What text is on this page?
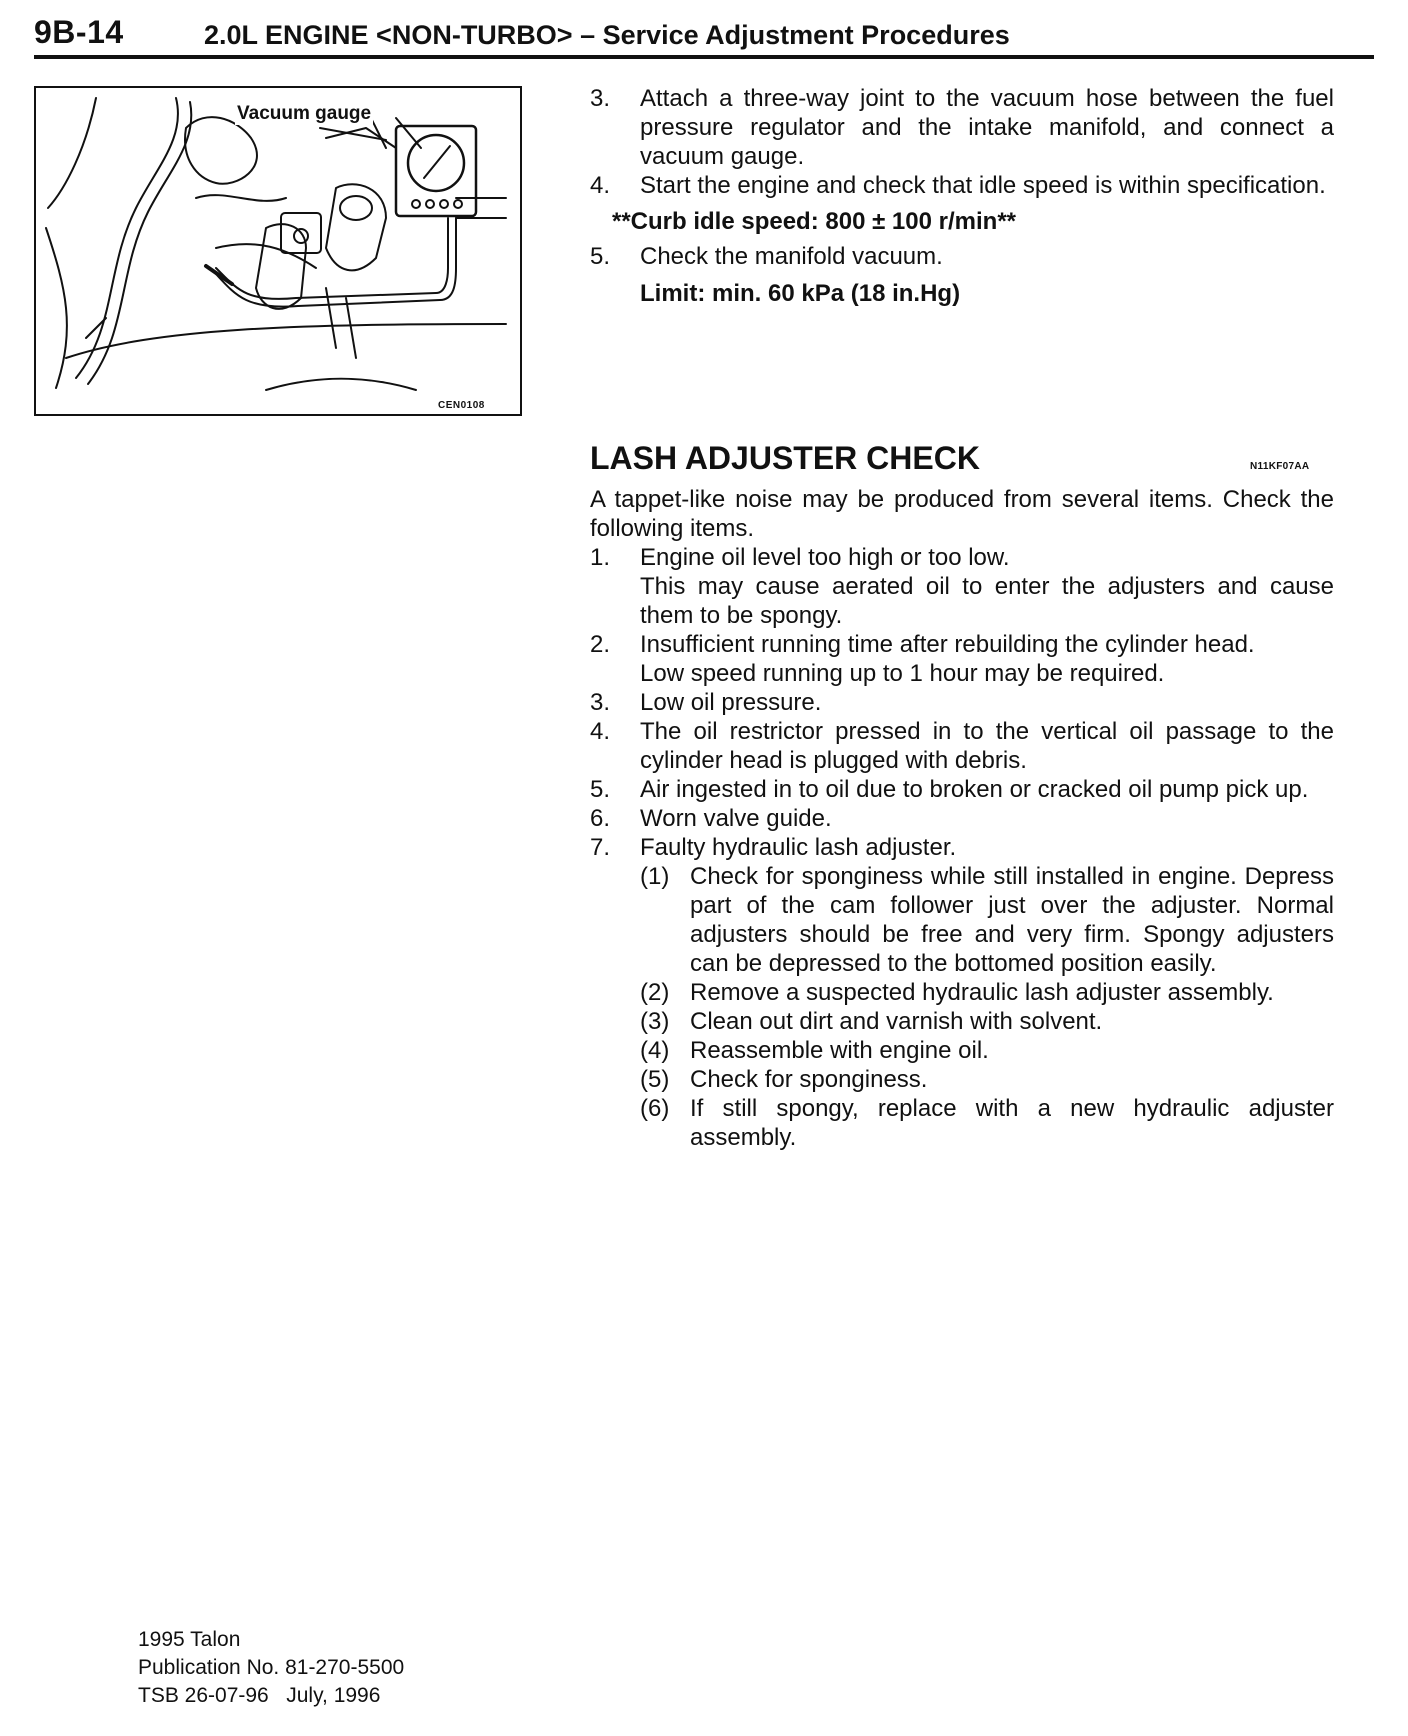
9B-14	2.0L ENGINE <NON-TURBO> – Service Adjustment Procedures
Vacuum gauge
CEN0108
3. Attach a three-way joint to the vacuum hose between the fuel pressure regulator and the intake manifold, and connect a vacuum gauge.
4. Start the engine and check that idle speed is within specification.
**Curb idle speed: 800 ± 100 r/min**
5. Check the manifold vacuum.
Limit: min. 60 kPa (18 in.Hg)
LASH ADJUSTER CHECK	N11KF07AA
A tappet-like noise may be produced from several items. Check the following items.
1. Engine oil level too high or too low.
This may cause aerated oil to enter the adjusters and cause them to be spongy.
2. Insufficient running time after rebuilding the cylinder head.
Low speed running up to 1 hour may be required.
3. Low oil pressure.
4. The oil restrictor pressed in to the vertical oil passage to the cylinder head is plugged with debris.
5. Air ingested in to oil due to broken or cracked oil pump pick up.
6. Worn valve guide.
7. Faulty hydraulic lash adjuster.
(1) Check for sponginess while still installed in engine. Depress part of the cam follower just over the adjuster. Normal adjusters should be free and very firm. Spongy adjusters can be depressed to the bottomed position easily.
(2) Remove a suspected hydraulic lash adjuster assembly.
(3) Clean out dirt and varnish with solvent.
(4) Reassemble with engine oil.
(5) Check for sponginess.
(6) If still spongy, replace with a new hydraulic adjuster assembly.
1995 Talon
Publication No. 81-270-5500
TSB 26-07-96   July, 1996
